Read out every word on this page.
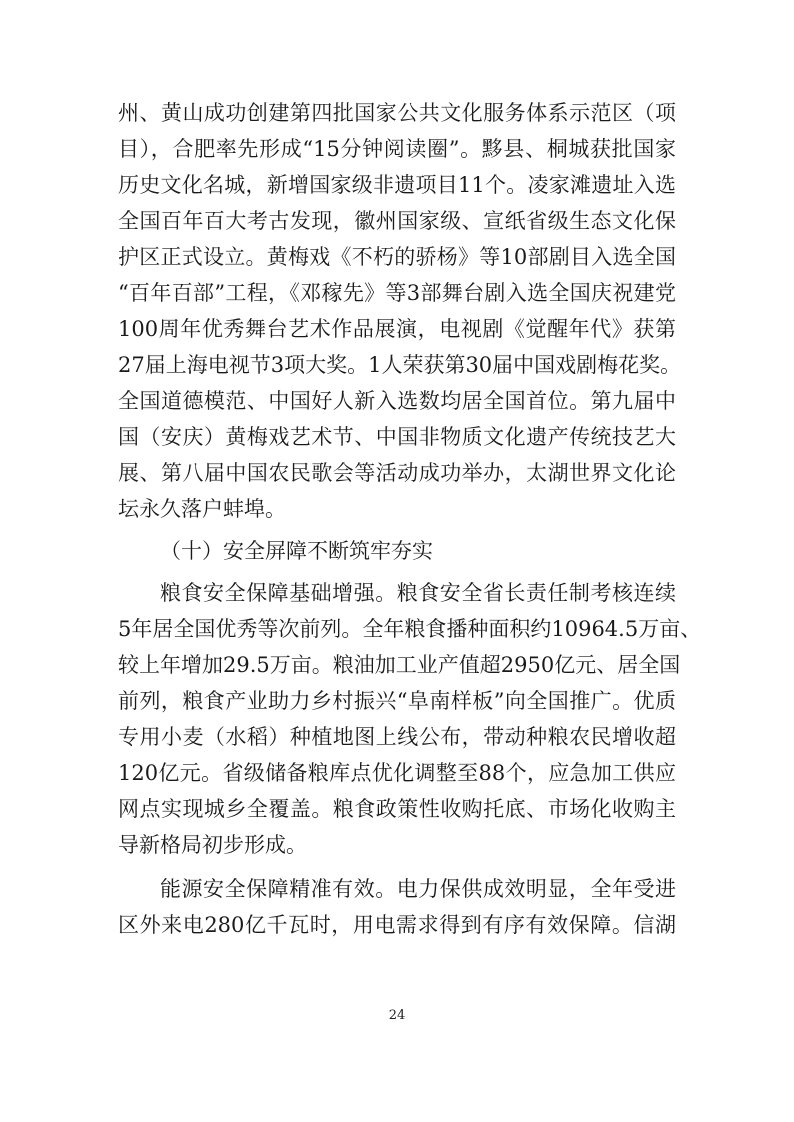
州、黄山成功创建第四批国家公共文化服务体系示范区（项
目），合肥率先形成“15分钟阅读圈”。黟县、桐城获批国家
历史文化名城，新增国家级非遗项目11个。凌家滩遗址入选
全国百年百大考古发现，徽州国家级、宣纸省级生态文化保
护区正式设立。黄梅戏《不朽的骄杨》等10部剧目入选全国
“百年百部”工程，《邓稼先》等3部舞台剧入选全国庆祝建党
100周年优秀舞台艺术作品展演，电视剧《觉醒年代》获第
27届上海电视节3项大奖。1人荣获第30届中国戏剧梅花奖。
全国道德模范、中国好人新入选数均居全国首位。第九届中
国（安庆）黄梅戏艺术节、中国非物质文化遗产传统技艺大
展、第八届中国农民歌会等活动成功举办，太湖世界文化论
坛永久落户蚌埠。
（十）安全屏障不断筑牢夯实
粮食安全保障基础增强。粮食安全省长责任制考核连续
5年居全国优秀等次前列。全年粮食播种面积约10964.5万亩、
较上年增加29.5万亩。粮油加工业产值超2950亿元、居全国
前列，粮食产业助力乡村振兴“阜南样板”向全国推广。优质
专用小麦（水稻）种植地图上线公布，带动种粮农民增收超
120亿元。省级储备粮库点优化调整至88个，应急加工供应
网点实现城乡全覆盖。粮食政策性收购托底、市场化收购主
导新格局初步形成。
能源安全保障精准有效。电力保供成效明显，全年受进
区外来电280亿千瓦时，用电需求得到有序有效保障。信湖
24
